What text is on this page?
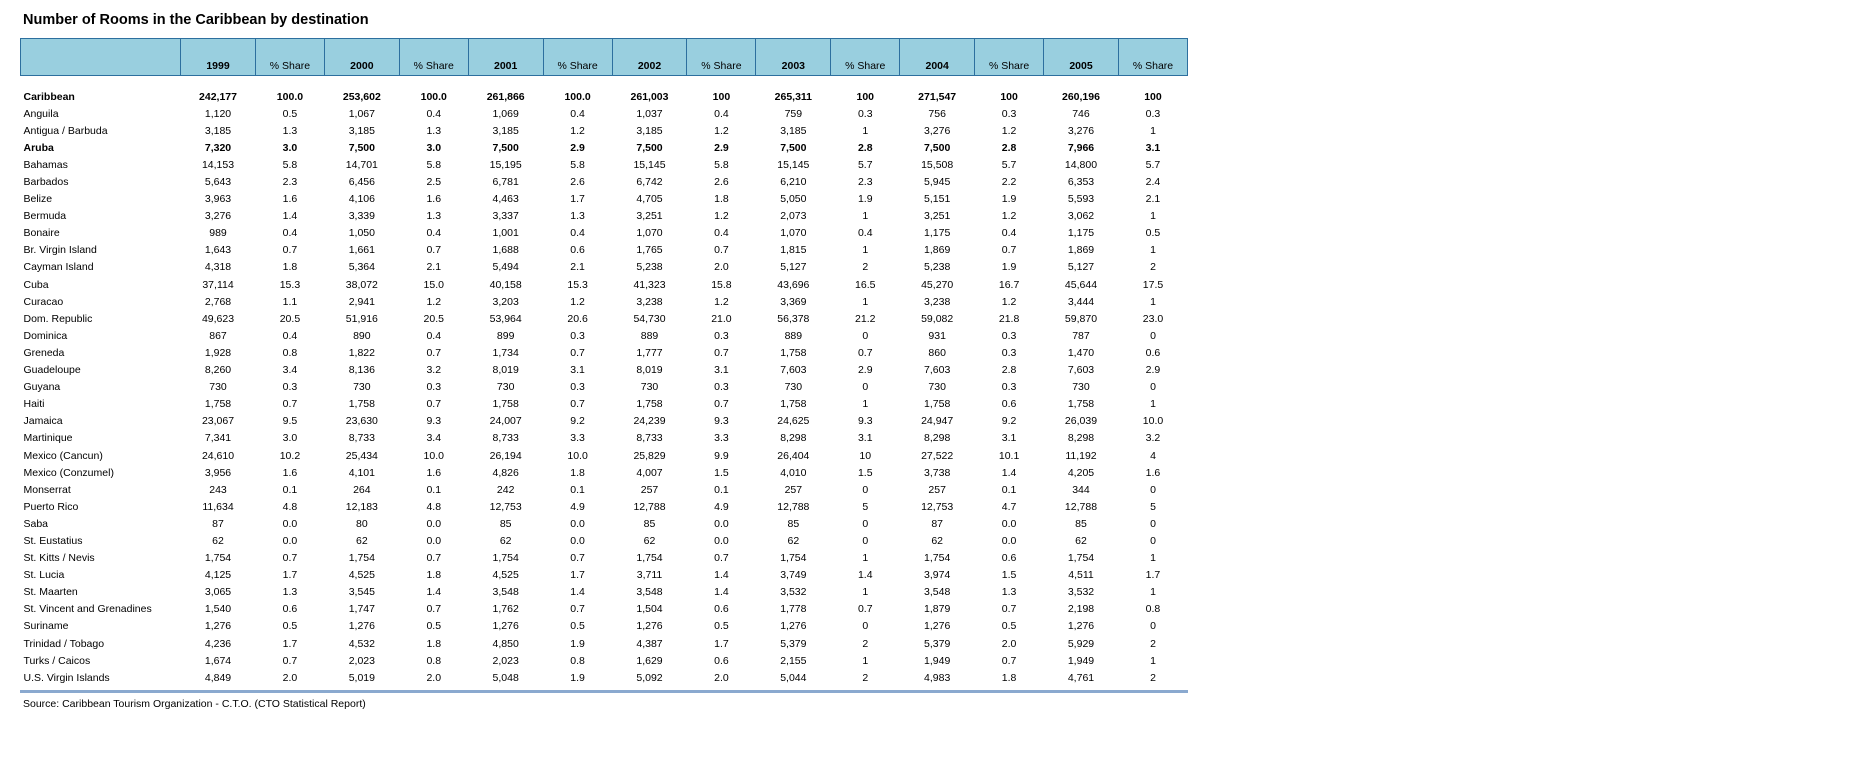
Number of Rooms in the Caribbean by destination
	1999	% Share	2000	% Share	2001	% Share	2002	% Share	2003	% Share	2004	% Share	2005	% Share

Caribbean	242,177	100.0	253,602	100.0	261,866	100.0	261,003	100	265,311	100	271,547	100	260,196	100
Anguila	1,120	0.5	1,067	0.4	1,069	0.4	1,037	0.4	759	0.3	756	0.3	746	0.3
Antigua / Barbuda	3,185	1.3	3,185	1.3	3,185	1.2	3,185	1.2	3,185	1	3,276	1.2	3,276	1
Aruba	7,320	3.0	7,500	3.0	7,500	2.9	7,500	2.9	7,500	2.8	7,500	2.8	7,966	3.1
Bahamas	14,153	5.8	14,701	5.8	15,195	5.8	15,145	5.8	15,145	5.7	15,508	5.7	14,800	5.7
Barbados	5,643	2.3	6,456	2.5	6,781	2.6	6,742	2.6	6,210	2.3	5,945	2.2	6,353	2.4
Belize	3,963	1.6	4,106	1.6	4,463	1.7	4,705	1.8	5,050	1.9	5,151	1.9	5,593	2.1
Bermuda	3,276	1.4	3,339	1.3	3,337	1.3	3,251	1.2	2,073	1	3,251	1.2	3,062	1
Bonaire	989	0.4	1,050	0.4	1,001	0.4	1,070	0.4	1,070	0.4	1,175	0.4	1,175	0.5
Br. Virgin Island	1,643	0.7	1,661	0.7	1,688	0.6	1,765	0.7	1,815	1	1,869	0.7	1,869	1
Cayman Island	4,318	1.8	5,364	2.1	5,494	2.1	5,238	2.0	5,127	2	5,238	1.9	5,127	2
Cuba	37,114	15.3	38,072	15.0	40,158	15.3	41,323	15.8	43,696	16.5	45,270	16.7	45,644	17.5
Curacao	2,768	1.1	2,941	1.2	3,203	1.2	3,238	1.2	3,369	1	3,238	1.2	3,444	1
Dom. Republic	49,623	20.5	51,916	20.5	53,964	20.6	54,730	21.0	56,378	21.2	59,082	21.8	59,870	23.0
Dominica	867	0.4	890	0.4	899	0.3	889	0.3	889	0	931	0.3	787	0
Greneda	1,928	0.8	1,822	0.7	1,734	0.7	1,777	0.7	1,758	0.7	860	0.3	1,470	0.6
Guadeloupe	8,260	3.4	8,136	3.2	8,019	3.1	8,019	3.1	7,603	2.9	7,603	2.8	7,603	2.9
Guyana	730	0.3	730	0.3	730	0.3	730	0.3	730	0	730	0.3	730	0
Haiti	1,758	0.7	1,758	0.7	1,758	0.7	1,758	0.7	1,758	1	1,758	0.6	1,758	1
Jamaica	23,067	9.5	23,630	9.3	24,007	9.2	24,239	9.3	24,625	9.3	24,947	9.2	26,039	10.0
Martinique	7,341	3.0	8,733	3.4	8,733	3.3	8,733	3.3	8,298	3.1	8,298	3.1	8,298	3.2
Mexico (Cancun)	24,610	10.2	25,434	10.0	26,194	10.0	25,829	9.9	26,404	10	27,522	10.1	11,192	4
Mexico (Conzumel)	3,956	1.6	4,101	1.6	4,826	1.8	4,007	1.5	4,010	1.5	3,738	1.4	4,205	1.6
Monserrat	243	0.1	264	0.1	242	0.1	257	0.1	257	0	257	0.1	344	0
Puerto Rico	11,634	4.8	12,183	4.8	12,753	4.9	12,788	4.9	12,788	5	12,753	4.7	12,788	5
Saba	87	0.0	80	0.0	85	0.0	85	0.0	85	0	87	0.0	85	0
St. Eustatius	62	0.0	62	0.0	62	0.0	62	0.0	62	0	62	0.0	62	0
St. Kitts / Nevis	1,754	0.7	1,754	0.7	1,754	0.7	1,754	0.7	1,754	1	1,754	0.6	1,754	1
St. Lucia	4,125	1.7	4,525	1.8	4,525	1.7	3,711	1.4	3,749	1.4	3,974	1.5	4,511	1.7
St. Maarten	3,065	1.3	3,545	1.4	3,548	1.4	3,548	1.4	3,532	1	3,548	1.3	3,532	1
St. Vincent and Grenadines	1,540	0.6	1,747	0.7	1,762	0.7	1,504	0.6	1,778	0.7	1,879	0.7	2,198	0.8
Suriname	1,276	0.5	1,276	0.5	1,276	0.5	1,276	0.5	1,276	0	1,276	0.5	1,276	0
Trinidad / Tobago	4,236	1.7	4,532	1.8	4,850	1.9	4,387	1.7	5,379	2	5,379	2.0	5,929	2
Turks / Caicos	1,674	0.7	2,023	0.8	2,023	0.8	1,629	0.6	2,155	1	1,949	0.7	1,949	1
U.S. Virgin Islands	4,849	2.0	5,019	2.0	5,048	1.9	5,092	2.0	5,044	2	4,983	1.8	4,761	2
Source: Caribbean Tourism Organization - C.T.O. (CTO Statistical Report)
